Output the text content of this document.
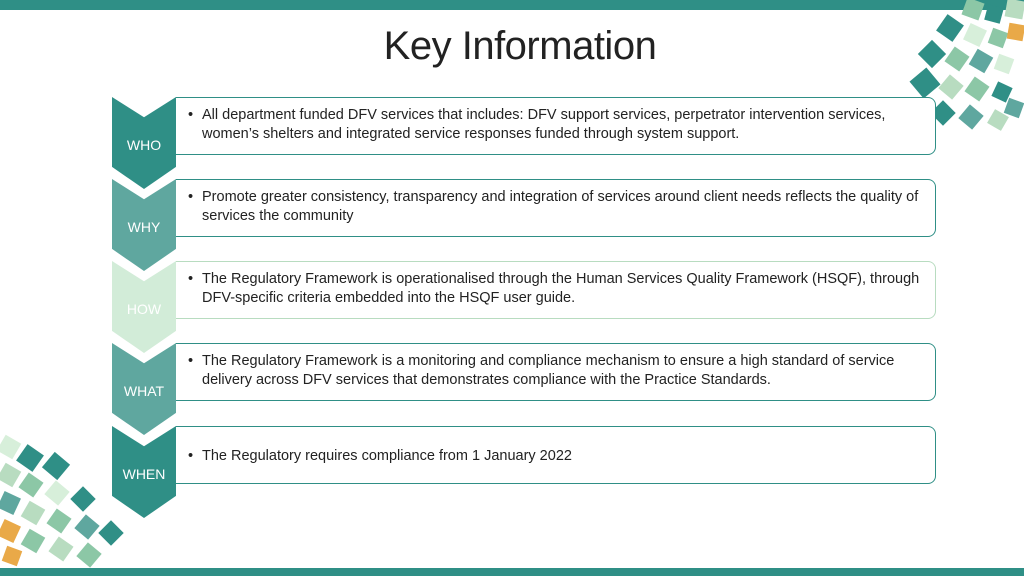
Key Information
WHO
• All department funded DFV services that includes: DFV support services, perpetrator intervention services, women’s shelters and integrated service responses funded through system support.
WHY
• Promote greater consistency, transparency and integration of services around client needs reflects the quality of services the community
HOW
• The Regulatory Framework is operationalised through the Human Services Quality Framework (HSQF), through DFV-specific criteria embedded into the HSQF user guide.
WHAT
• The Regulatory Framework is a monitoring and compliance mechanism to ensure a high standard of service delivery across DFV services that demonstrates compliance with the Practice Standards.
WHEN
• The Regulatory requires compliance from 1 January 2022
